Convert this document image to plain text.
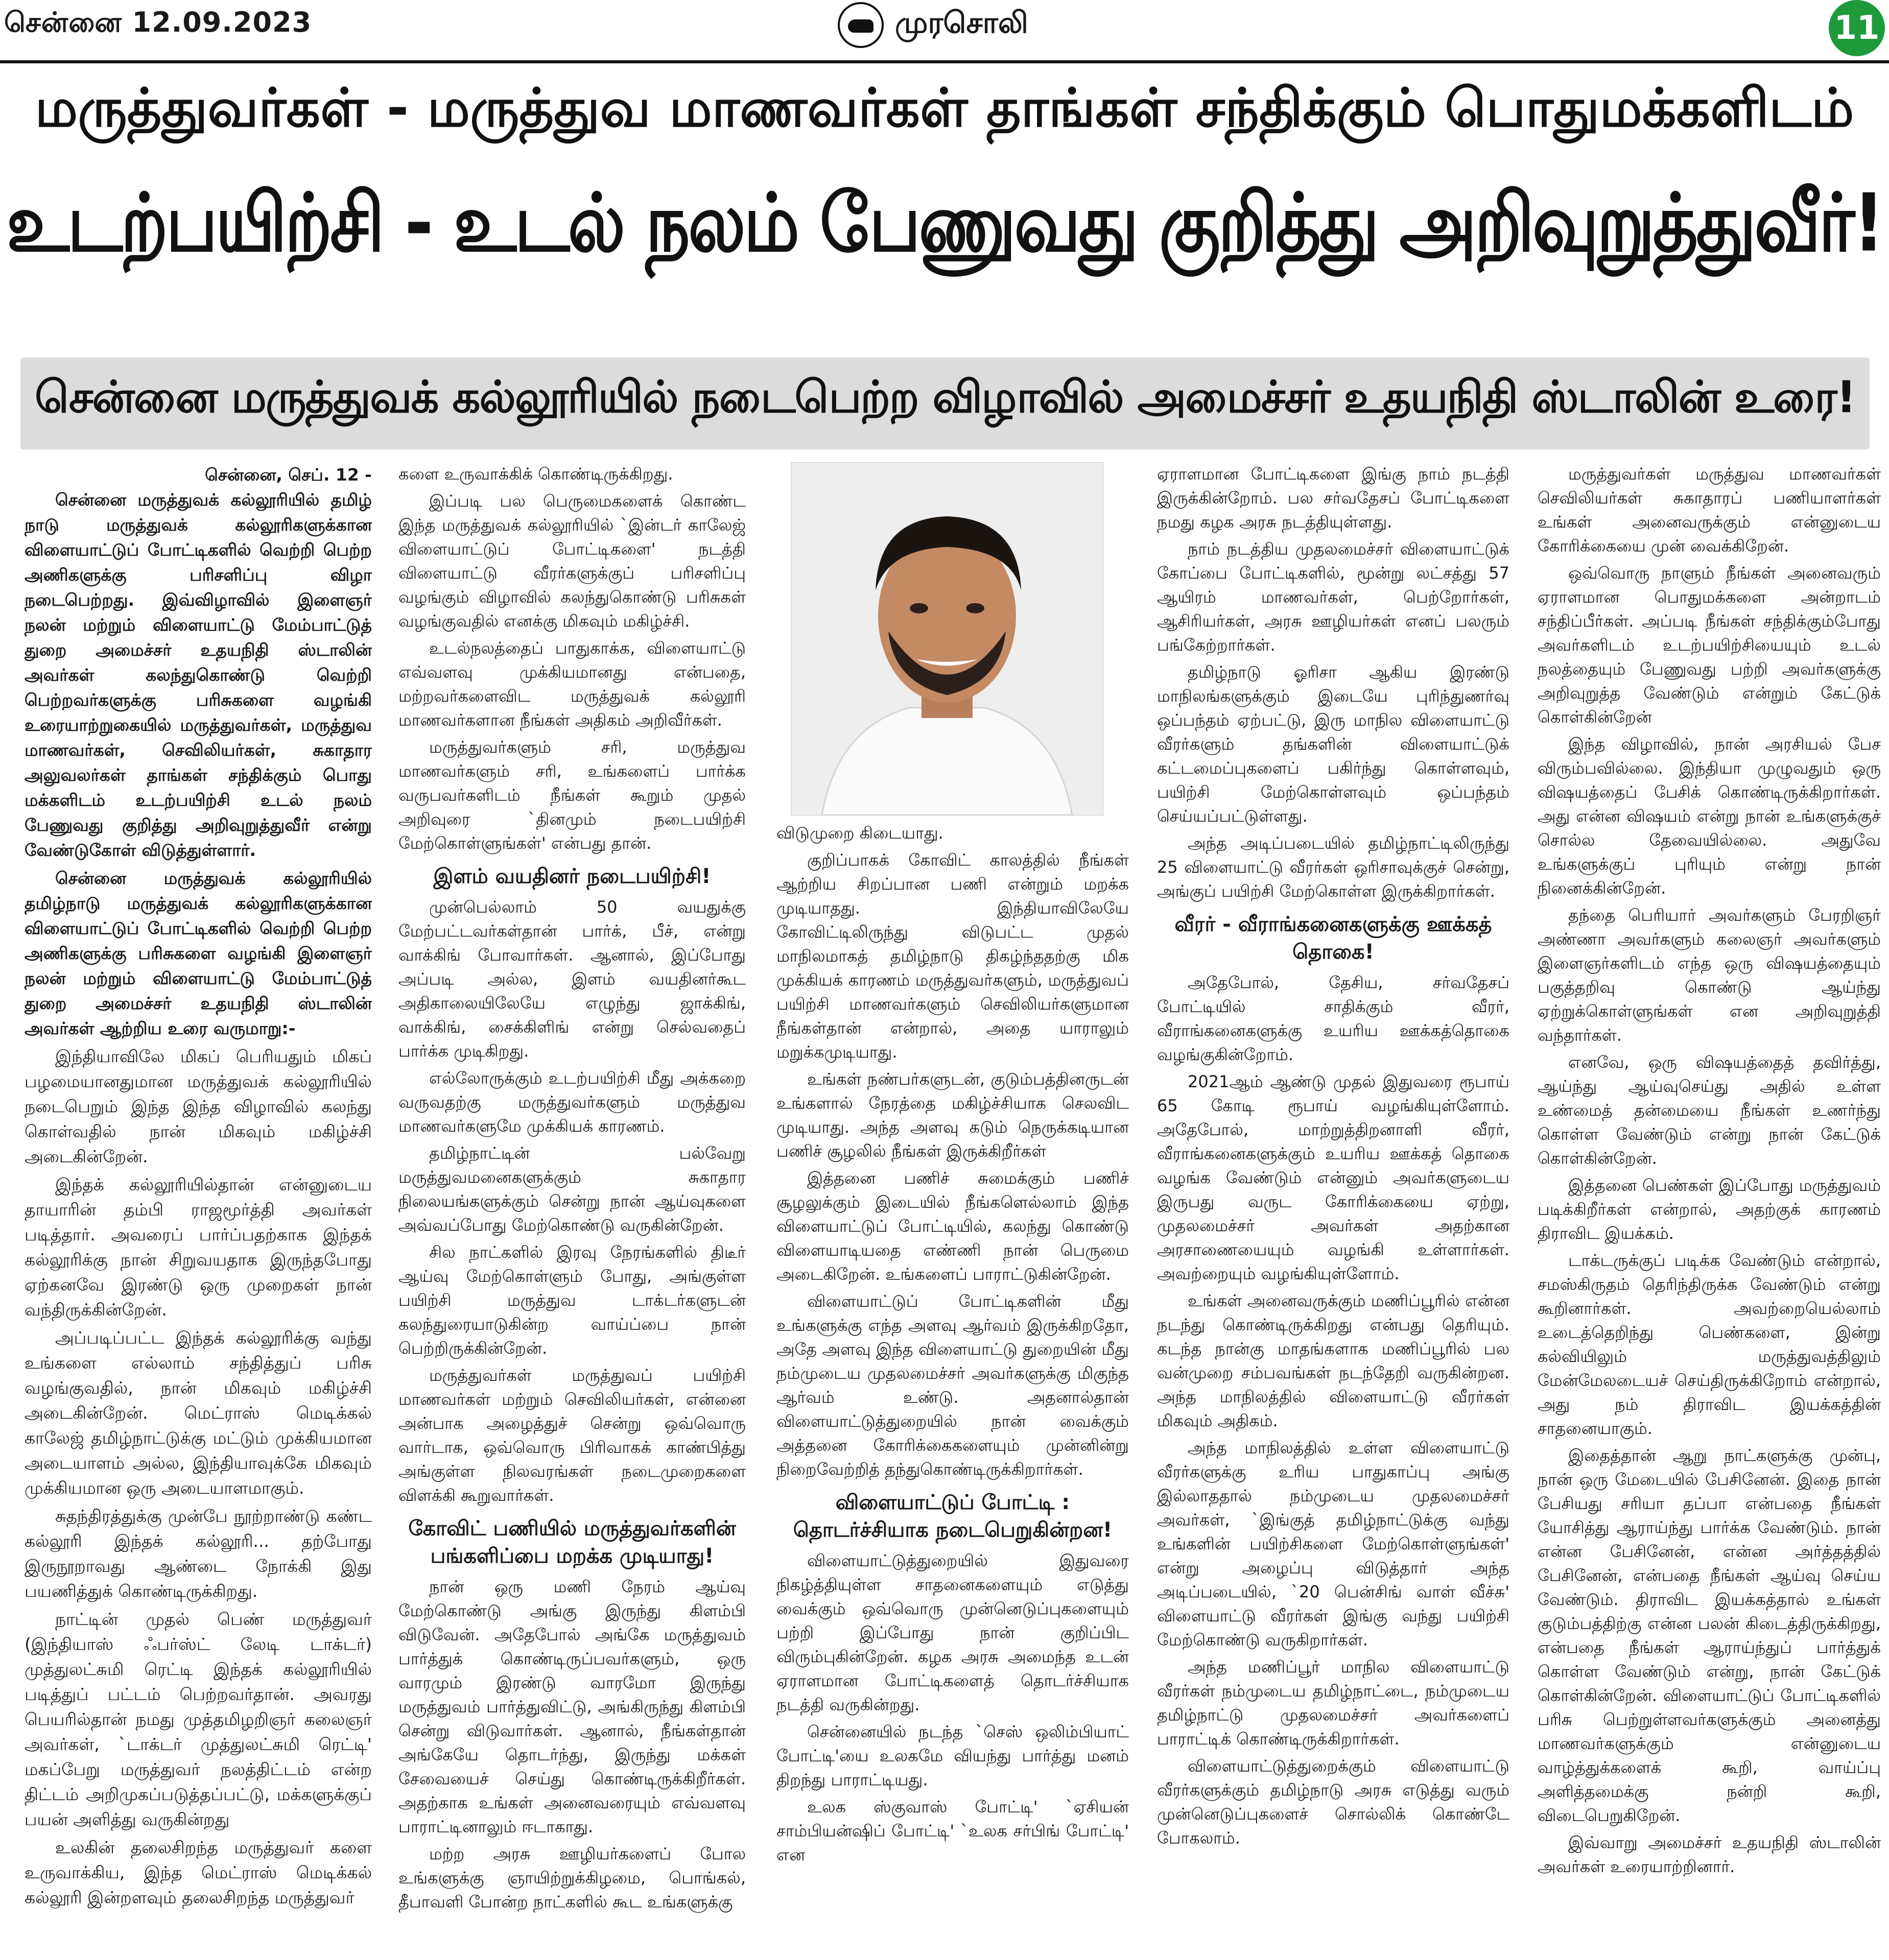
சென்னை 12.09.2023	முரசொலி	11
மருத்துவர்கள் - மருத்துவ மாணவர்கள் தாங்கள் சந்திக்கும் பொதுமக்களிடம்
உடற்பயிற்சி - உடல் நலம் பேணுவது குறித்து அறிவுறுத்துவீர்!
சென்னை மருத்துவக் கல்லூரியில் நடைபெற்ற விழாவில் அமைச்சர் உதயநிதி ஸ்டாலின் உரை!

சென்னை, செப். 12 -

சென்னை மருத்துவக் கல்லூரியில் தமிழ் நாடு மருத்துவக் கல்லூரிகளுக்கான விளையாட்டுப் போட்டிகளில் வெற்றி பெற்ற அணிகளுக்கு பரிசளிப்பு விழா நடைபெற்றது. இவ்விழாவில் இளைஞர் நலன் மற்றும் விளையாட்டு மேம்பாட்டுத் துறை அமைச்சர் உதயநிதி ஸ்டாலின் அவர்கள் கலந்துகொண்டு வெற்றி பெற்றவர்களுக்கு பரிசுகளை வழங்கி உரையாற்றுகையில் மருத்துவர்கள், மருத்துவ மாணவர்கள், செவிலியர்கள், சுகாதார அலுவலர்கள் தாங்கள் சந்திக்கும் பொது மக்களிடம் உடற்பயிற்சி உடல் நலம் பேணுவது குறித்து அறிவுறுத்துவீர் என்று வேண்டுகோள் விடுத்துள்ளார்.

சென்னை மருத்துவக் கல்லூரியில் தமிழ்நாடு மருத்துவக் கல்லூரிகளுக்கான விளையாட்டுப் போட்டிகளில் வெற்றி பெற்ற அணிகளுக்கு பரிசுகளை வழங்கி இளைஞர் நலன் மற்றும் விளையாட்டு மேம்பாட்டுத் துறை அமைச்சர் உதயநிதி ஸ்டாலின் அவர்கள் ஆற்றிய உரை வருமாறு:-

இந்தியாவிலே மிகப் பெரியதும் மிகப் பழமையானதுமான மருத்துவக் கல்லூரியில் நடைபெறும் இந்த இந்த விழாவில் கலந்து கொள்வதில் நான் மிகவும் மகிழ்ச்சி அடைகின்றேன்.

இந்தக் கல்லூரியில்தான் என்னுடைய தாயாரின் தம்பி ராஜமூர்த்தி அவர்கள் படித்தார். அவரைப் பார்ப்பதற்காக இந்தக் கல்லூரிக்கு நான் சிறுவயதாக இருந்தபோது ஏற்கனவே இரண்டு ஒரு முறைகள் நான் வந்திருக்கின்றேன்.

அப்படிப்பட்ட இந்தக் கல்லூரிக்கு வந்து உங்களை எல்லாம் சந்தித்துப் பரிசு வழங்குவதில், நான் மிகவும் மகிழ்ச்சி அடைகின்றேன். மெட்ராஸ் மெடிக்கல் காலேஜ் தமிழ்நாட்டுக்கு மட்டும் முக்கியமான அடையாளம் அல்ல, இந்தியாவுக்கே மிகவும் முக்கியமான ஒரு அடையாளமாகும்.

சுதந்திரத்துக்கு முன்பே நூற்றாண்டு கண்ட கல்லூரி இந்தக் கல்லூரி... தற்போது இருநூறாவது ஆண்டை நோக்கி இது பயணித்துக் கொண்டிருக்கிறது.

நாட்டின் முதல் பெண் மருத்துவர் (இந்தியாஸ் ஃபர்ஸ்ட் லேடி டாக்டர்) முத்துலட்சுமி ரெட்டி இந்தக் கல்லூரியில் படித்துப் பட்டம் பெற்றவர்தான். அவரது பெயரில்தான் நமது முத்தமிழறிஞர் கலைஞர் அவர்கள், `டாக்டர் முத்துலட்சுமி ரெட்டி' மகப்பேறு மருத்துவர் நலத்திட்டம் என்ற திட்டம் அறிமுகப்படுத்தப்பட்டு, மக்களுக்குப் பயன் அளித்து வருகின்றது

உலகின் தலைசிறந்த மருத்துவர் களை உருவாக்கிய, இந்த மெட்ராஸ் மெடிக்கல் கல்லூரி இன்றளவும் தலைசிறந்த மருத்துவர்

களை உருவாக்கிக் கொண்டிருக்கிறது.

இப்படி பல பெருமைகளைக் கொண்ட இந்த மருத்துவக் கல்லூரியில் `இன்டர் காலேஜ் விளையாட்டுப் போட்டிகளை' நடத்தி விளையாட்டு வீரர்களுக்குப் பரிசளிப்பு வழங்கும் விழாவில் கலந்துகொண்டு பரிசுகள் வழங்குவதில் எனக்கு மிகவும் மகிழ்ச்சி.

உடல்நலத்தைப் பாதுகாக்க, விளையாட்டு எவ்வளவு முக்கியமானது என்பதை, மற்றவர்களைவிட மருத்துவக் கல்லூரி மாணவர்களான நீங்கள் அதிகம் அறிவீர்கள்.

மருத்துவர்களும் சரி, மருத்துவ மாணவர்களும் சரி, உங்களைப் பார்க்க வருபவர்களிடம் நீங்கள் கூறும் முதல் அறிவுரை `தினமும் நடைபயிற்சி மேற்கொள்ளுங்கள்' என்பது தான்.

இளம் வயதினர் நடைபயிற்சி!

முன்பெல்லாம் 50 வயதுக்கு மேற்பட்டவர்கள்தான் பார்க், பீச், என்று வாக்கிங் போவார்கள். ஆனால், இப்போது அப்படி அல்ல, இளம் வயதினர்கூட அதிகாலையிலேயே எழுந்து ஜாக்கிங், வாக்கிங், சைக்கிளிங் என்று செல்வதைப் பார்க்க முடிகிறது.

எல்லோருக்கும் உடற்பயிற்சி மீது அக்கறை வருவதற்கு மருத்துவர்களும் மருத்துவ மாணவர்களுமே முக்கியக் காரணம்.

தமிழ்நாட்டின் பல்வேறு மருத்துவமனைகளுக்கும் சுகாதார நிலையங்களுக்கும் சென்று நான் ஆய்வுகளை அவ்வப்போது மேற்கொண்டு வருகின்றேன்.

சில நாட்களில் இரவு நேரங்களில் திடீர் ஆய்வு மேற்கொள்ளும் போது, அங்குள்ள பயிற்சி மருத்துவ டாக்டர்களுடன் கலந்துரையாடுகின்ற வாய்ப்பை நான் பெற்றிருக்கின்றேன்.

மருத்துவர்கள் மருத்துவப் பயிற்சி மாணவர்கள் மற்றும் செவிலியர்கள், என்னை அன்பாக அழைத்துச் சென்று ஒவ்வொரு வார்டாக, ஒவ்வொரு பிரிவாகக் காண்பித்து அங்குள்ள நிலவரங்கள் நடைமுறைகளை விளக்கி கூறுவார்கள்.

கோவிட் பணியில் மருத்துவர்களின் பங்களிப்பை மறக்க முடியாது!

நான் ஒரு மணி நேரம் ஆய்வு மேற்கொண்டு அங்கு இருந்து கிளம்பி விடுவேன். அதேபோல் அங்கே மருத்துவம் பார்த்துக் கொண்டிருப்பவர்களும், ஒரு வாரமும் இரண்டு வாரமோ இருந்து மருத்துவம் பார்த்துவிட்டு, அங்கிருந்து கிளம்பி சென்று விடுவார்கள். ஆனால், நீங்கள்தான் அங்கேயே தொடர்ந்து, இருந்து மக்கள் சேவையைச் செய்து கொண்டிருக்கிறீர்கள். அதற்காக உங்கள் அனைவரையும் எவ்வளவு பாராட்டினாலும் ஈடாகாது.

மற்ற அரசு ஊழியர்களைப் போல உங்களுக்கு ஞாயிற்றுக்கிழமை, பொங்கல், தீபாவளி போன்ற நாட்களில் கூட உங்களுக்கு

விடுமுறை கிடையாது.

குறிப்பாகக் கோவிட் காலத்தில் நீங்கள் ஆற்றிய சிறப்பான பணி என்றும் மறக்க முடியாதது. இந்தியாவிலேயே கோவிட்டிலிருந்து விடுபட்ட முதல் மாநிலமாகத் தமிழ்நாடு திகழ்ந்ததற்கு மிக முக்கியக் காரணம் மருத்துவர்களும், மருத்துவப் பயிற்சி மாணவர்களும் செவிலியர்களுமான நீங்கள்தான் என்றால், அதை யாராலும் மறுக்கமுடியாது.

உங்கள் நண்பர்களுடன், குடும்பத்தினருடன் உங்களால் நேரத்தை மகிழ்ச்சியாக செலவிட முடியாது. அந்த அளவு கடும் நெருக்கடியான பணிச் சூழலில் நீங்கள் இருக்கிறீர்கள்

இத்தனை பணிச் சுமைக்கும் பணிச் சூழலுக்கும் இடையில் நீங்களெல்லாம் இந்த விளையாட்டுப் போட்டியில், கலந்து கொண்டு விளையாடியதை எண்ணி நான் பெருமை அடைகிறேன். உங்களைப் பாராட்டுகின்றேன்.

விளையாட்டுப் போட்டிகளின் மீது உங்களுக்கு எந்த அளவு ஆர்வம் இருக்கிறதோ, அதே அளவு இந்த விளையாட்டு துறையின் மீது நம்முடைய முதலமைச்சர் அவர்களுக்கு மிகுந்த ஆர்வம் உண்டு. அதனால்தான் விளையாட்டுத்துறையில் நான் வைக்கும் அத்தனை கோரிக்கைகளையும் முன்னின்று நிறைவேற்றித் தந்துகொண்டிருக்கிறார்கள்.

விளையாட்டுப் போட்டி : தொடர்ச்சியாக நடைபெறுகின்றன!

விளையாட்டுத்துறையில் இதுவரை நிகழ்த்தியுள்ள சாதனைகளையும் எடுத்து வைக்கும் ஒவ்வொரு முன்னெடுப்புகளையும் பற்றி இப்போது நான் குறிப்பிட விரும்புகின்றேன். கழக அரசு அமைந்த உடன் ஏராளமான போட்டிகளைத் தொடர்ச்சியாக நடத்தி வருகின்றது.

சென்னையில் நடந்த `செஸ் ஒலிம்பியாட் போட்டி'யை உலகமே வியந்து பார்த்து மனம் திறந்து பாராட்டியது.

உலக ஸ்குவாஸ் போட்டி' `ஏசியன் சாம்பியன்ஷிப் போட்டி' `உலக சர்பிங் போட்டி' என

ஏராளமான போட்டிகளை இங்கு நாம் நடத்தி இருக்கின்றோம். பல சர்வதேசப் போட்டிகளை நமது கழக அரசு நடத்தியுள்ளது.

நாம் நடத்திய முதலமைச்சர் விளையாட்டுக் கோப்பை போட்டிகளில், மூன்று லட்சத்து 57 ஆயிரம் மாணவர்கள், பெற்றோர்கள், ஆசிரியர்கள், அரசு ஊழியர்கள் எனப் பலரும் பங்கேற்றார்கள்.

தமிழ்நாடு ஓரிசா ஆகிய இரண்டு மாநிலங்களுக்கும் இடையே புரிந்துணர்வு ஒப்பந்தம் ஏற்பட்டு, இரு மாநில விளையாட்டு வீரர்களும் தங்களின் விளையாட்டுக் கட்டமைப்புகளைப் பகிர்ந்து கொள்ளவும், பயிற்சி மேற்கொள்ளவும் ஒப்பந்தம் செய்யப்பட்டுள்ளது.

அந்த அடிப்படையில் தமிழ்நாட்டிலிருந்து 25 விளையாட்டு வீரர்கள் ஒரிசாவுக்குச் சென்று, அங்குப் பயிற்சி மேற்கொள்ள இருக்கிறார்கள்.

வீரர் - வீராங்கனைகளுக்கு ஊக்கத் தொகை!

அதேபோல், தேசிய, சர்வதேசப் போட்டியில் சாதிக்கும் வீரர், வீராங்கனைகளுக்கு உயரிய ஊக்கத்தொகை வழங்குகின்றோம்.

2021ஆம் ஆண்டு முதல் இதுவரை ரூபாய் 65 கோடி ரூபாய் வழங்கியுள்ளோம். அதேபோல், மாற்றுத்திறனாளி வீரர், வீராங்கனைகளுக்கும் உயரிய ஊக்கத் தொகை வழங்க வேண்டும் என்னும் அவர்களுடைய இருபது வருட கோரிக்கையை ஏற்று, முதலமைச்சர் அவர்கள் அதற்கான அரசாணையையும் வழங்கி உள்ளார்கள். அவற்றையும் வழங்கியுள்ளோம்.

உங்கள் அனைவருக்கும் மணிப்பூரில் என்ன நடந்து கொண்டிருக்கிறது என்பது தெரியும். கடந்த நான்கு மாதங்களாக மணிப்பூரில் பல வன்முறை சம்பவங்கள் நடந்தேறி வருகின்றன. அந்த மாநிலத்தில் விளையாட்டு வீரர்கள் மிகவும் அதிகம்.

அந்த மாநிலத்தில் உள்ள விளையாட்டு வீரர்களுக்கு உரிய பாதுகாப்பு அங்கு இல்லாததால் நம்முடைய முதலமைச்சர் அவர்கள், `இங்குத் தமிழ்நாட்டுக்கு வந்து உங்களின் பயிற்சிகளை மேற்கொள்ளுங்கள்' என்று அழைப்பு விடுத்தார் அந்த அடிப்படையில், `20 பென்சிங் வாள் வீச்சு' விளையாட்டு வீரர்கள் இங்கு வந்து பயிற்சி மேற்கொண்டு வருகிறார்கள்.

அந்த மணிப்பூர் மாநில விளையாட்டு வீரர்கள் நம்முடைய தமிழ்நாட்டை, நம்முடைய தமிழ்நாட்டு முதலமைச்சர் அவர்களைப் பாராட்டிக் கொண்டிருக்கிறார்கள்.

விளையாட்டுத்துறைக்கும் விளையாட்டு வீரர்களுக்கும் தமிழ்நாடு அரசு எடுத்து வரும் முன்னெடுப்புகளைச் சொல்லிக் கொண்டே போகலாம்.

மருத்துவர்கள் மருத்துவ மாணவர்கள் செவிலியர்கள் சுகாதாரப் பணியாளர்கள் உங்கள் அனைவருக்கும் என்னுடைய கோரிக்கையை முன் வைக்கிறேன்.

ஒவ்வொரு நாளும் நீங்கள் அனைவரும் ஏராளமான பொதுமக்களை அன்றாடம் சந்திப்பீர்கள். அப்படி நீங்கள் சந்திக்கும்போது அவர்களிடம் உடற்பயிற்சியையும் உடல் நலத்தையும் பேணுவது பற்றி அவர்களுக்கு அறிவுறுத்த வேண்டும் என்றும் கேட்டுக் கொள்கின்றேன்

இந்த விழாவில், நான் அரசியல் பேச விரும்பவில்லை. இந்தியா முழுவதும் ஒரு விஷயத்தைப் பேசிக் கொண்டிருக்கிறார்கள். அது என்ன விஷயம் என்று நான் உங்களுக்குச் சொல்ல தேவையில்லை. அதுவே உங்களுக்குப் புரியும் என்று நான் நினைக்கின்றேன்.

தந்தை பெரியார் அவர்களும் பேரறிஞர் அண்ணா அவர்களும் கலைஞர் அவர்களும் இளைஞர்களிடம் எந்த ஒரு விஷயத்தையும் பகுத்தறிவு கொண்டு ஆய்ந்து ஏற்றுக்கொள்ளுங்கள் என அறிவுறுத்தி வந்தார்கள்.

எனவே, ஒரு விஷயத்தைத் தவிர்த்து, ஆய்ந்து ஆய்வுசெய்து அதில் உள்ள உண்மைத் தன்மையை நீங்கள் உணர்ந்து கொள்ள வேண்டும் என்று நான் கேட்டுக் கொள்கின்றேன்.

இத்தனை பெண்கள் இப்போது மருத்துவம் படிக்கிறீர்கள் என்றால், அதற்குக் காரணம் திராவிட இயக்கம்.

டாக்டருக்குப் படிக்க வேண்டும் என்றால், சமஸ்கிருதம் தெரிந்திருக்க வேண்டும் என்று கூறினார்கள். அவற்றையெல்லாம் உடைத்தெறிந்து பெண்களை, இன்று கல்வியிலும் மருத்துவத்திலும் மேன்மேலடையச் செய்திருக்கிறோம் என்றால், அது நம் திராவிட இயக்கத்தின் சாதனையாகும்.

இதைத்தான் ஆறு நாட்களுக்கு முன்பு, நான் ஒரு மேடையில் பேசினேன். இதை நான் பேசியது சரியா தப்பா என்பதை நீங்கள் யோசித்து ஆராய்ந்து பார்க்க வேண்டும். நான் என்ன பேசினேன், என்ன அர்த்தத்தில் பேசினேன், என்பதை நீங்கள் ஆய்வு செய்ய வேண்டும். திராவிட இயக்கத்தால் உங்கள் குடும்பத்திற்கு என்ன பலன் கிடைத்திருக்கிறது, என்பதை நீங்கள் ஆராய்ந்துப் பார்த்துக் கொள்ள வேண்டும் என்று, நான் கேட்டுக் கொள்கின்றேன். விளையாட்டுப் போட்டிகளில் பரிசு பெற்றுள்ளவர்களுக்கும் அனைத்து மாணவர்களுக்கும் என்னுடைய வாழ்த்துக்களைக் கூறி, வாய்ப்பு அளித்தமைக்கு நன்றி கூறி, விடைபெறுகிறேன்.

இவ்வாறு அமைச்சர் உதயநிதி ஸ்டாலின் அவர்கள் உரையாற்றினார்.
